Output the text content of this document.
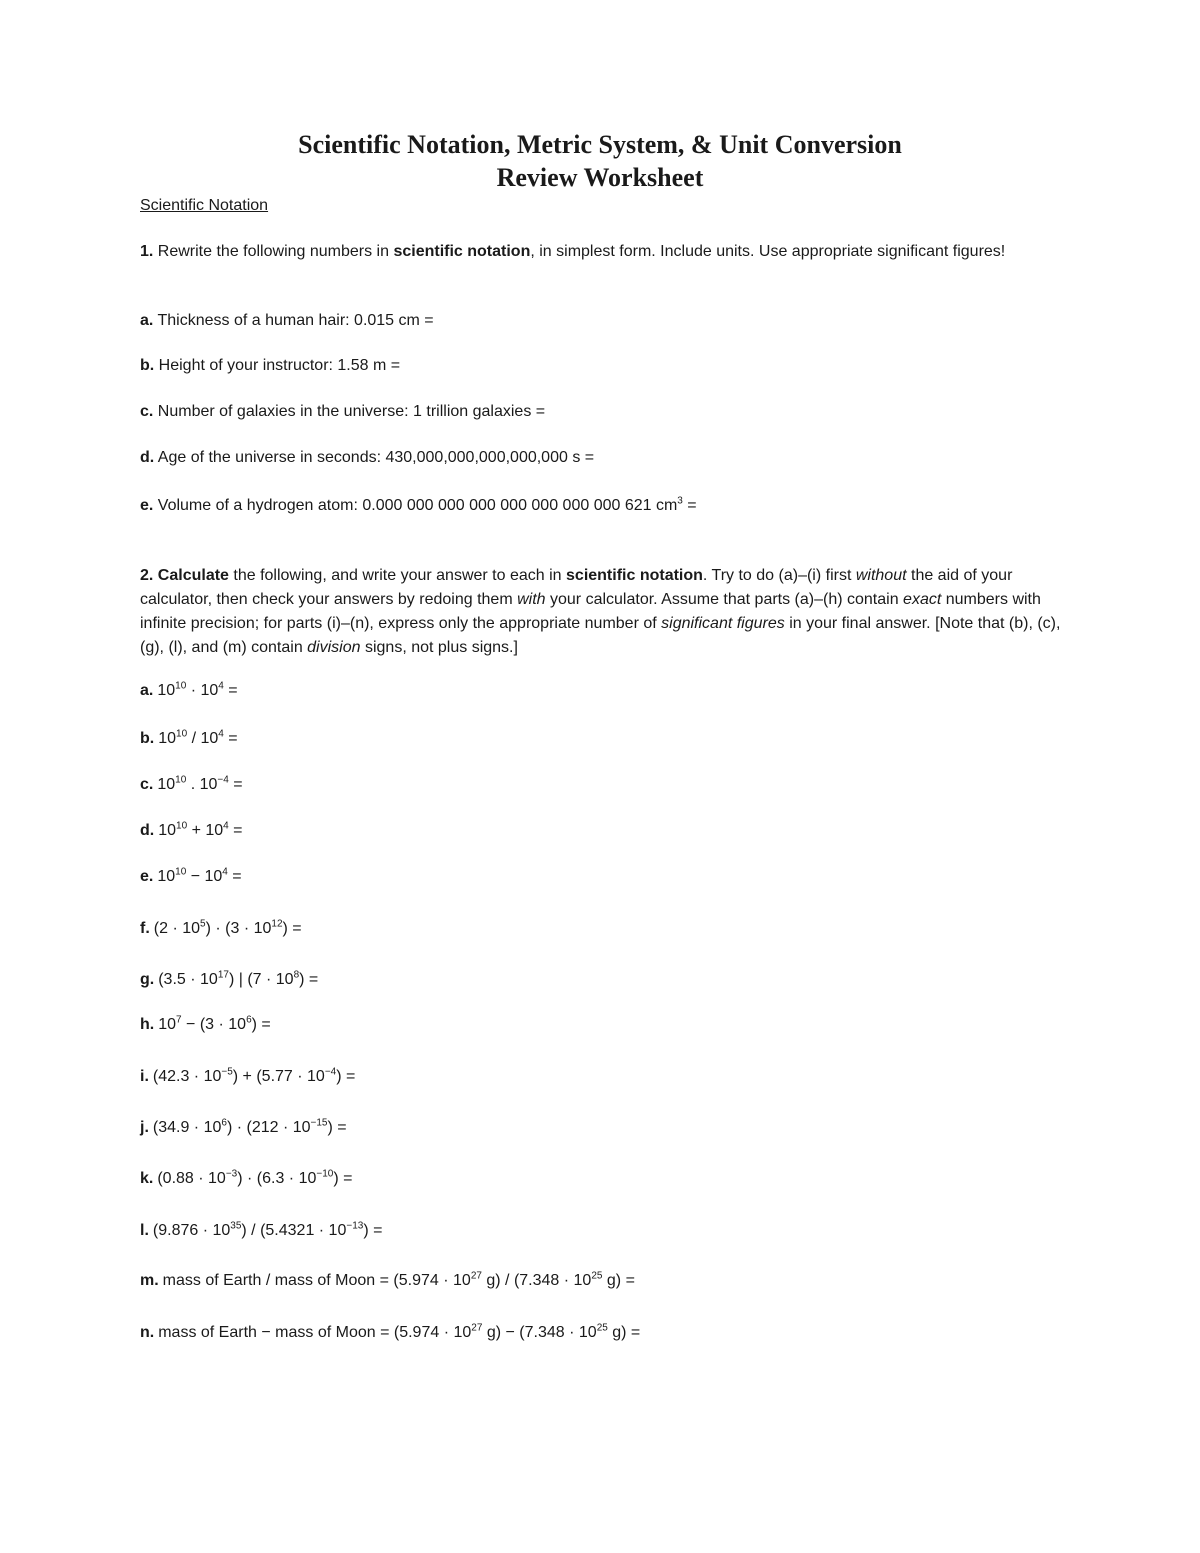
Scientific Notation, Metric System, & Unit Conversion
Review Worksheet
Scientific Notation
1. Rewrite the following numbers in scientific notation, in simplest form. Include units. Use appropriate significant figures!
a. Thickness of a human hair: 0.015 cm =
b. Height of your instructor: 1.58 m =
c. Number of galaxies in the universe: 1 trillion galaxies =
d. Age of the universe in seconds: 430,000,000,000,000,000 s =
e. Volume of a hydrogen atom: 0.000 000 000 000 000 000 000 000 621 $cm^3$ =
2. Calculate the following, and write your answer to each in scientific notation. Try to do (a)–(i) first without the aid of your calculator, then check your answers by redoing them with your calculator. Assume that parts (a)–(h) contain exact numbers with infinite precision; for parts (i)–(n), express only the appropriate number of significant figures in your final answer. [Note that (b), (c), (g), (l), and (m) contain division signs, not plus signs.]
a. $10^{10} \cdot 10^4$ =
b. $10^{10} / 10^4$ =
c. $10^{10}$ . $10^{-4}$ =
d. $10^{10} + 10^4$ =
e. $10^{10} - 10^4$ =
f. $(2 \cdot 10^5) \cdot (3 \cdot 10^{12})$ =
g. $(3.5 \cdot 10^{17})$ | $(7 \cdot 10^8)$ =
h. $10^7 - (3 \cdot 10^6)$ =
i. $(42.3 \cdot 10^{-5}) + (5.77 \cdot 10^{-4})$ =
j. $(34.9 \cdot 10^6) \cdot (212 \cdot 10^{-15})$ =
k. $(0.88 \cdot 10^{-3}) \cdot (6.3 \cdot 10^{-10})$ =
l. $(9.876 \cdot 10^{35}) / (5.4321 \cdot 10^{-13})$ =
m. mass of Earth / mass of Moon = ($5.974 \cdot 10^{27}$ $g) / (7.348 \cdot 10^{25}$ g) =
n. mass of Earth − mass of Moon = ($5.974 \cdot 10^{27}$ $g) - (7.348 \cdot 10^{25}$ g) =
